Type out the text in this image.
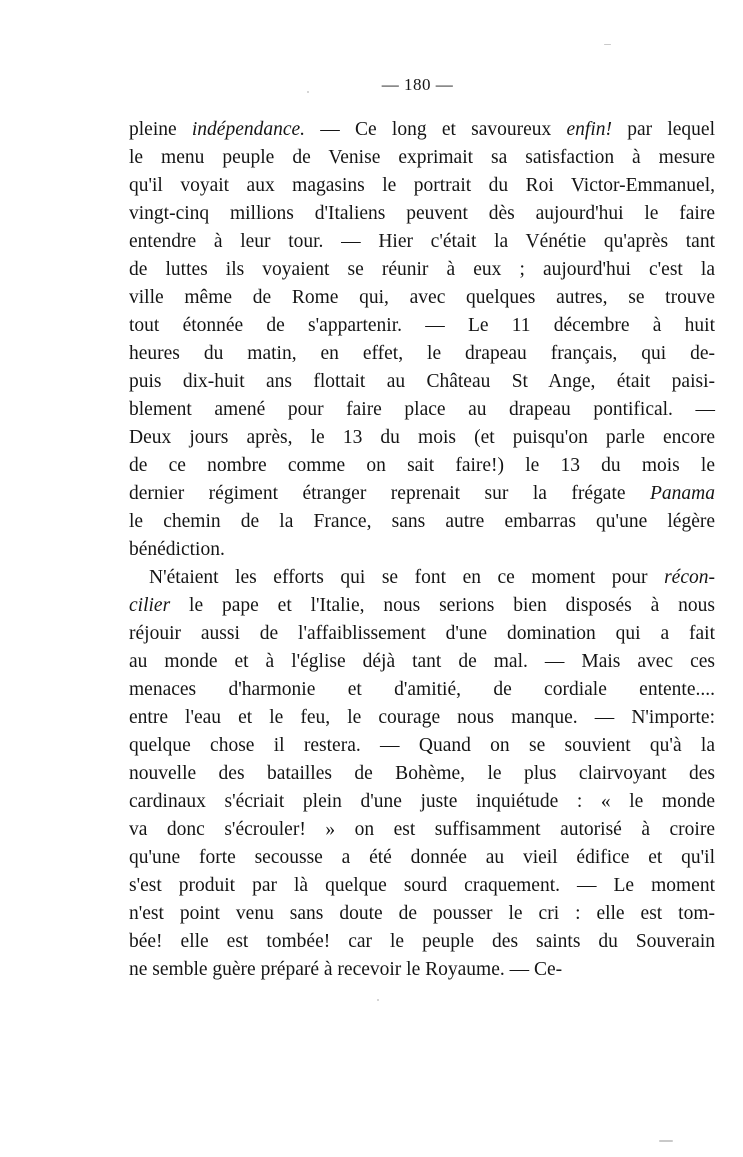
— 180 —
pleine indépendance. — Ce long et savoureux enfin! par lequel
le menu peuple de Venise exprimait sa satisfaction à mesure
qu'il voyait aux magasins le portrait du Roi Victor-Emmanuel,
vingt-cinq millions d'Italiens peuvent dès aujourd'hui le faire
entendre à leur tour. — Hier c'était la Vénétie qu'après tant
de luttes ils voyaient se réunir à eux ; aujourd'hui c'est la
ville même de Rome qui, avec quelques autres, se trouve
tout étonnée de s'appartenir. — Le 11 décembre à huit
heures du matin, en effet, le drapeau français, qui de-
puis dix-huit ans flottait au Château St Ange, était paisi-
blement amené pour faire place au drapeau pontifical. —
Deux jours après, le 13 du mois (et puisqu'on parle encore
de ce nombre comme on sait faire!) le 13 du mois le
dernier régiment étranger reprenait sur la frégate Panama
le chemin de la France, sans autre embarras qu'une légère
bénédiction.
N'étaient les efforts qui se font en ce moment pour récon-
cilier le pape et l'Italie, nous serions bien disposés à nous
réjouir aussi de l'affaiblissement d'une domination qui a fait
au monde et à l'église déjà tant de mal. — Mais avec ces
menaces d'harmonie et d'amitié, de cordiale entente....
entre l'eau et le feu, le courage nous manque. — N'importe:
quelque chose il restera. — Quand on se souvient qu'à la
nouvelle des batailles de Bohème, le plus clairvoyant des
cardinaux s'écriait plein d'une juste inquiétude : « le monde
va donc s'écrouler! » on est suffisamment autorisé à croire
qu'une forte secousse a été donnée au vieil édifice et qu'il
s'est produit par là quelque sourd craquement. — Le moment
n'est point venu sans doute de pousser le cri : elle est tom-
bée! elle est tombée! car le peuple des saints du Souverain
ne semble guère préparé à recevoir le Royaume. — Ce-
